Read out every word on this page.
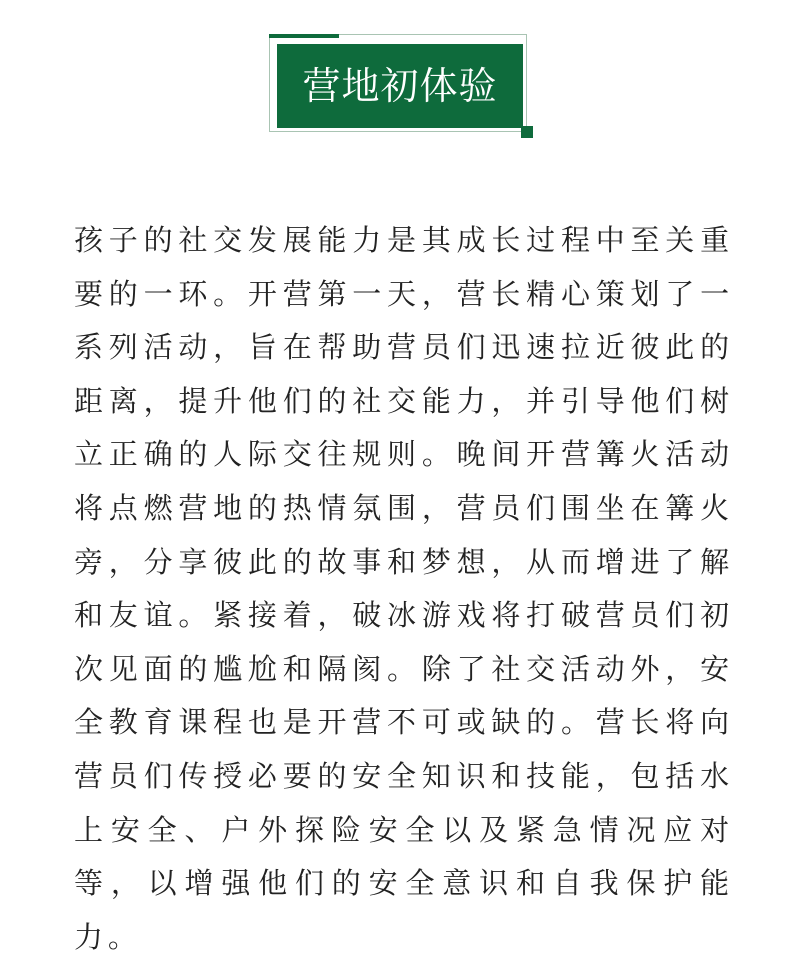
营地初体验

孩子的社交发展能力是其成长过程中至关重要的一环。开营第一天，营长精心策划了一系列活动，旨在帮助营员们迅速拉近彼此的距离，提升他们的社交能力，并引导他们树立正确的人际交往规则。晚间开营篝火活动将点燃营地的热情氛围，营员们围坐在篝火旁，分享彼此的故事和梦想，从而增进了解和友谊。紧接着，破冰游戏将打破营员们初次见面的尴尬和隔阂。除了社交活动外，安全教育课程也是开营不可或缺的。营长将向营员们传授必要的安全知识和技能，包括水上安全、户外探险安全以及紧急情况应对等，以增强他们的安全意识和自我保护能力。
